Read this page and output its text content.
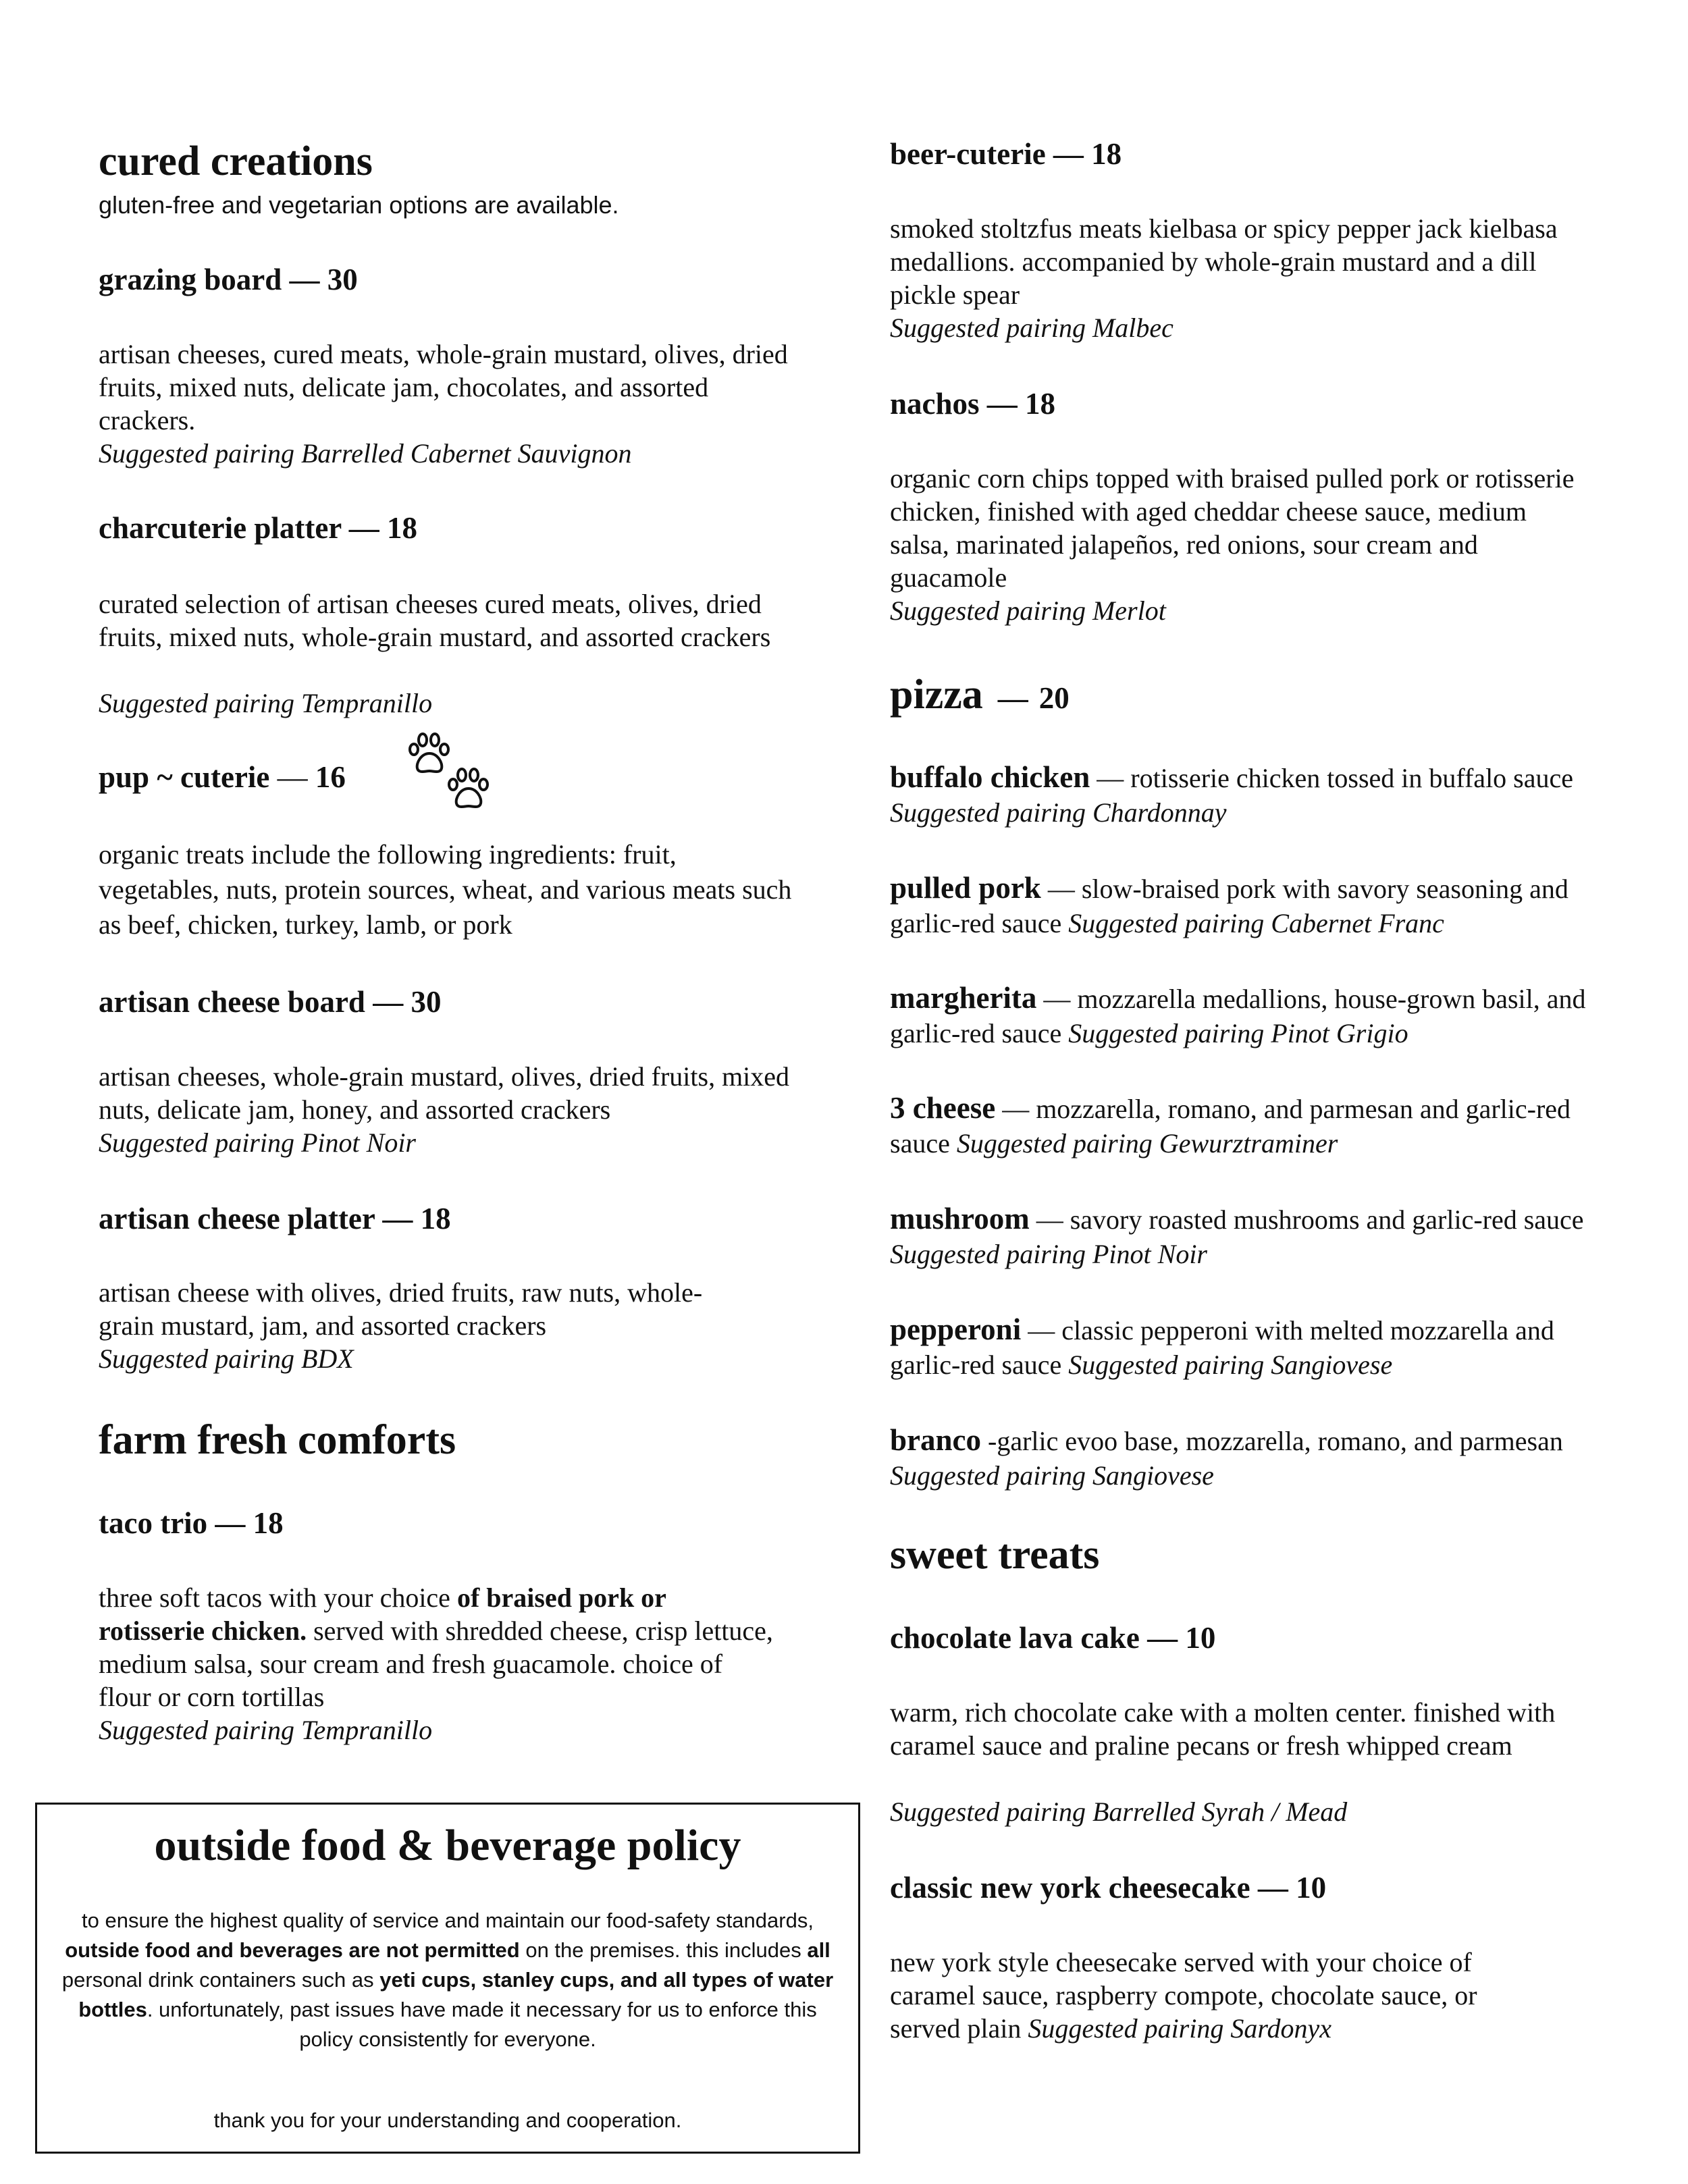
cured creations
gluten-free and vegetarian options are available.
grazing board — 30
artisan cheeses, cured meats, whole-grain mustard, olives, dried fruits, mixed nuts, delicate jam, chocolates, and assorted crackers.
Suggested pairing Barrelled Cabernet Sauvignon
charcuterie platter — 18
curated selection of artisan cheeses cured meats, olives, dried fruits, mixed nuts, whole-grain mustard, and assorted crackers
Suggested pairing Tempranillo
pup ~ cuterie — 16
organic treats include the following ingredients: fruit, vegetables, nuts, protein sources, wheat, and various meats such as beef, chicken, turkey, lamb, or pork
artisan cheese board — 30
artisan cheeses, whole-grain mustard, olives, dried fruits, mixed nuts, delicate jam, honey, and assorted crackers
Suggested pairing Pinot Noir
artisan cheese platter — 18
artisan cheese with olives, dried fruits, raw nuts, whole-grain mustard, jam, and assorted crackers
Suggested pairing BDX
farm fresh comforts
taco trio — 18
three soft tacos with your choice of braised pork or rotisserie chicken. served with shredded cheese, crisp lettuce, medium salsa, sour cream and fresh guacamole. choice of flour or corn tortillas
Suggested pairing Tempranillo
outside food & beverage policy
to ensure the highest quality of service and maintain our food-safety standards, outside food and beverages are not permitted on the premises. this includes all personal drink containers such as yeti cups, stanley cups, and all types of water bottles. unfortunately, past issues have made it necessary for us to enforce this policy consistently for everyone.
thank you for your understanding and cooperation.
beer-cuterie — 18
smoked stoltzfus meats kielbasa or spicy pepper jack kielbasa medallions. accompanied by whole-grain mustard and a dill pickle spear
Suggested pairing Malbec
nachos — 18
organic corn chips topped with braised pulled pork or rotisserie chicken, finished with aged cheddar cheese sauce, medium salsa, marinated jalapeños, red onions, sour cream and guacamole
Suggested pairing Merlot
pizza — 20
buffalo chicken — rotisserie chicken tossed in buffalo sauce Suggested pairing Chardonnay
pulled pork — slow-braised pork with savory seasoning and garlic-red sauce Suggested pairing Cabernet Franc
margherita — mozzarella medallions, house-grown basil, and garlic-red sauce Suggested pairing Pinot Grigio
3 cheese — mozzarella, romano, and parmesan and garlic-red sauce Suggested pairing Gewurztraminer
mushroom — savory roasted mushrooms and garlic-red sauce Suggested pairing Pinot Noir
pepperoni — classic pepperoni with melted mozzarella and garlic-red sauce Suggested pairing Sangiovese
branco -garlic evoo base, mozzarella, romano, and parmesan Suggested pairing Sangiovese
sweet treats
chocolate lava cake — 10
warm, rich chocolate cake with a molten center. finished with caramel sauce and praline pecans or fresh whipped cream
Suggested pairing Barrelled Syrah / Mead
classic new york cheesecake — 10
new york style cheesecake served with your choice of caramel sauce, raspberry compote, chocolate sauce, or served plain Suggested pairing Sardonyx
